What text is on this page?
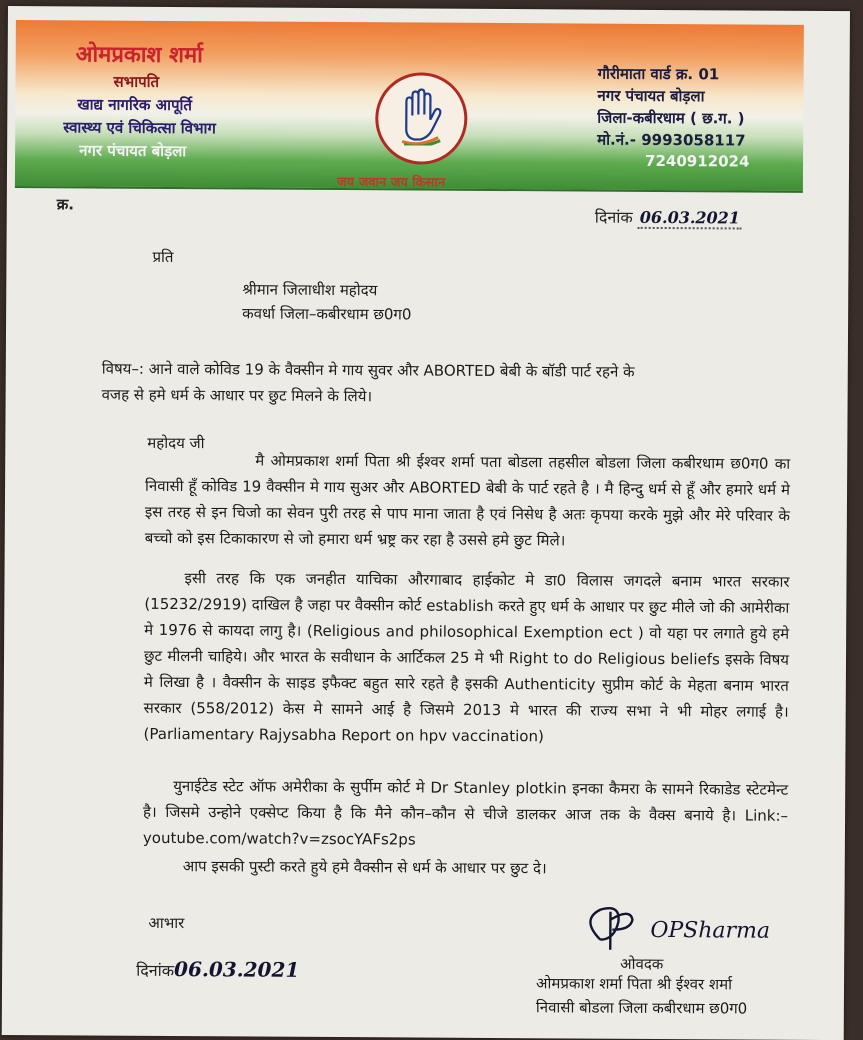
ओमप्रकाश शर्मा
सभापति
खाद्य नागरिक आपूर्ति
स्वास्थ्य एवं चिकित्सा विभाग
नगर पंचायत बोड़ला
जय जवान जय किसान
गौरीमाता वार्ड क्र. 01
नगर पंचायत बोड़ला
जिला-कबीरधाम ( छ.ग. )
मो.नं.- 9993058117
7240912024
क्र.
दिनांक 06.03.2021
प्रति
श्रीमान जिलाधीश महोदय
कवर्धा जिला–कबीरधाम छ0ग0
विषय–: आने वाले कोविड 19 के वैक्सीन मे गाय सुवर और ABORTED बेबी के बॉडी पार्ट रहने के
वजह से हमे धर्म के आधार पर छुट मिलने के लिये।
महोदय जी
मै ओमप्रकाश शर्मा पिता श्री ईश्वर शर्मा पता बोडला तहसील बोडला जिला कबीरधाम छ0ग0 का निवासी हूँ कोविड 19 वैक्सीन मे गाय सुअर और ABORTED बेबी के पार्ट रहते है । मै हिन्दु धर्म से हूँ और हमारे धर्म मे इस तरह से इन चिजो का सेवन पुरी तरह से पाप माना जाता है एवं निसेध है अतः कृपया करके मुझे और मेरे परिवार के बच्चो को इस टिकाकारण से जो हमारा धर्म भ्रष्ट्र कर रहा है उससे हमे छुट मिले।
इसी तरह कि एक जनहीत याचिका औरगाबाद हाईकोट मे डा0 विलास जगदले बनाम भारत सरकार (15232/2919) दाखिल है जहा पर वैक्सीन कोर्ट establish करते हुए धर्म के आधार पर छुट मीले जो की आमेरीका मे 1976 से कायदा लागु है। (Religious and philosophical Exemption ect ) वो यहा पर लगाते हुये हमे छुट मीलनी चाहिये। और भारत के सवीधान के आर्टिकल 25 मे भी Right to do Religious beliefs इसके विषय मे लिखा है । वैक्सीन के साइड इफैक्ट बहुत सारे रहते है इसकी Authenticity सुप्रीम कोर्ट के मेहता बनाम भारत सरकार (558/2012) केस मे सामने आई है जिसमे 2013 मे भारत की राज्य सभा ने भी मोहर लगाई है। (Parliamentary Rajysabha Report on hpv vaccination)
युनाईटेड स्टेट ऑफ अमेरीका के सुर्पीम कोर्ट मे Dr Stanley plotkin इनका कैमरा के सामने रिकाडेड स्टेटमेन्ट है। जिसमे उन्होने एक्सेप्ट किया है कि मैने कौन–कौन से चीजे डालकर आज तक के वैक्स बनाये है। Link:– youtube.com/watch?v=zsocYAFs2ps
आप इसकी पुस्टी करते हुये हमे वैक्सीन से धर्म के आधार पर छुट दे।
आभार
दिनांक06.03.2021
OPSharma
ओवदक
ओमप्रकाश शर्मा पिता श्री ईश्वर शर्मा
निवासी बोडला जिला कबीरधाम छ0ग0
